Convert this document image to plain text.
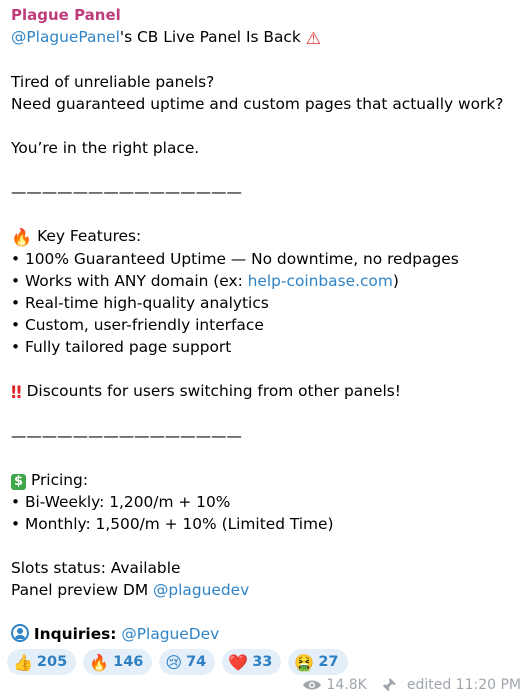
Plague Panel
@PlaguePanel's CB Live Panel Is Back ⚠
Tired of unreliable panels?
Need guaranteed uptime and custom pages that actually work?
You’re in the right place.
———————————————
🔥 Key Features:
• 100% Guaranteed Uptime — No downtime, no redpages
• Works with ANY domain (ex: help-coinbase.com)
• Real-time high-quality analytics
• Custom, user-friendly interface
• Fully tailored page support
‼ Discounts for users switching from other panels!
———————————————
$ Pricing:
• Bi-Weekly: 1,200/m + 10%
• Monthly: 1,500/m + 10% (Limited Time)
Slots status: Available
Panel preview DM @plaguedev
Inquiries: @PlagueDev
👍 205 🔥 146 😢 74 ❤️ 33 🤮 27
14.8K	edited 11:20 PM
